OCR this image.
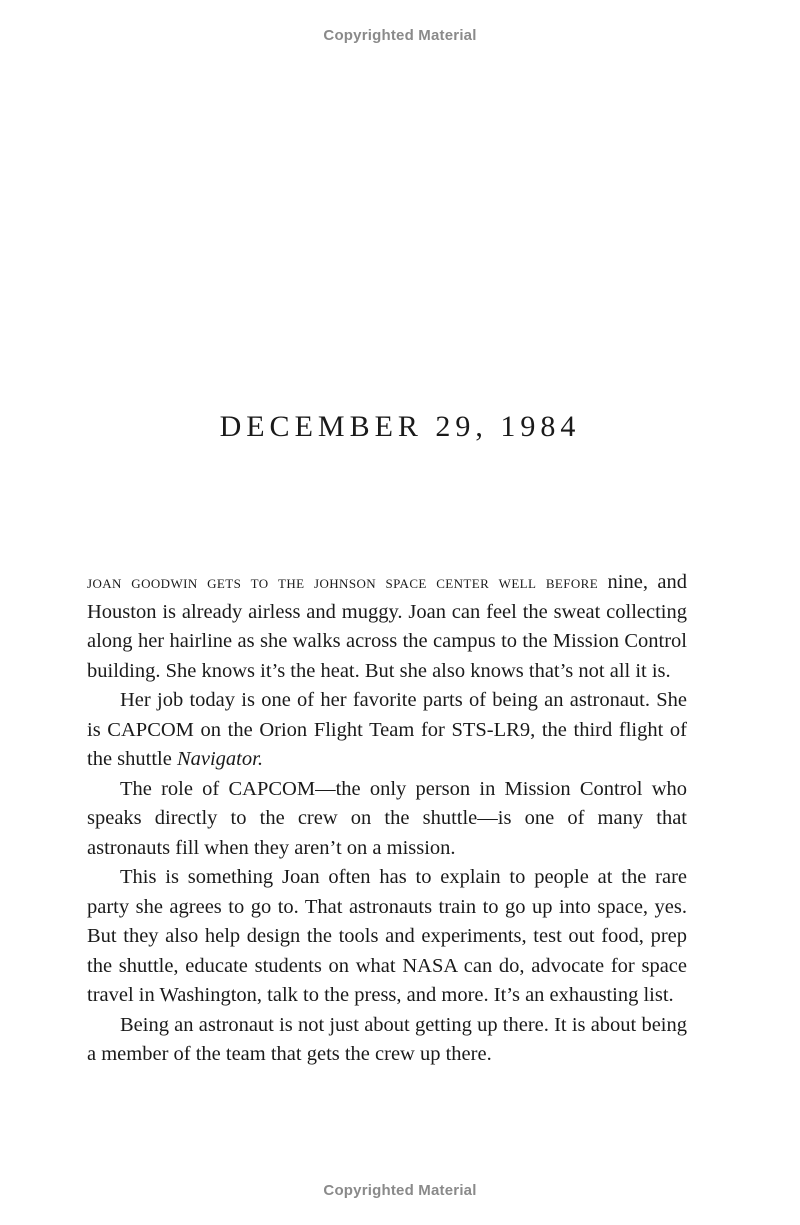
Copyrighted Material
DECEMBER 29, 1984

joan goodwin gets to the johnson space center well before nine, and Houston is already airless and muggy. Joan can feel the sweat collecting along her hairline as she walks across the campus to the Mission Control building. She knows it’s the heat. But she also knows that’s not all it is.

Her job today is one of her favorite parts of being an astronaut. She is CAPCOM on the Orion Flight Team for STS-LR9, the third flight of the shuttle Navigator.

The role of CAPCOM—the only person in Mission Control who speaks directly to the crew on the shuttle—is one of many that astronauts fill when they aren’t on a mission.

This is something Joan often has to explain to people at the rare party she agrees to go to. That astronauts train to go up into space, yes. But they also help design the tools and experiments, test out food, prep the shuttle, educate students on what NASA can do, advocate for space travel in Washington, talk to the press, and more. It’s an exhausting list.

Being an astronaut is not just about getting up there. It is about being a member of the team that gets the crew up there.

Copyrighted Material
